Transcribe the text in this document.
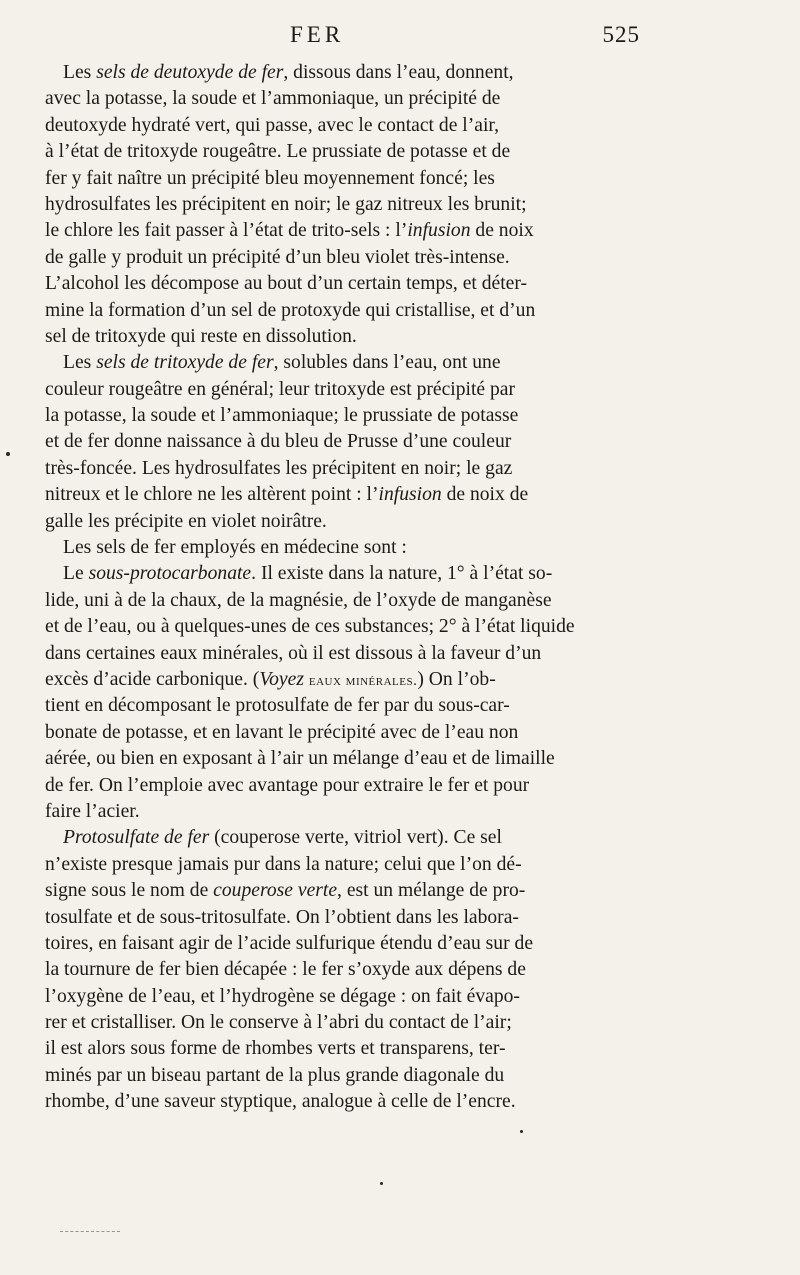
FER	525
Les sels de deutoxyde de fer, dissous dans l’eau, donnent,
avec la potasse, la soude et l’ammoniaque, un précipité de
deutoxyde hydraté vert, qui passe, avec le contact de l’air,
à l’état de tritoxyde rougeâtre. Le prussiate de potasse et de
fer y fait naître un précipité bleu moyennement foncé; les
hydrosulfates les précipitent en noir; le gaz nitreux les brunit;
le chlore les fait passer à l’état de trito-sels : l’infusion de noix
de galle y produit un précipité d’un bleu violet très-intense.
L’alcohol les décompose au bout d’un certain temps, et déter-
mine la formation d’un sel de protoxyde qui cristallise, et d’un
sel de tritoxyde qui reste en dissolution.
Les sels de tritoxyde de fer, solubles dans l’eau, ont une
couleur rougeâtre en général; leur tritoxyde est précipité par
la potasse, la soude et l’ammoniaque; le prussiate de potasse
et de fer donne naissance à du bleu de Prusse d’une couleur
très-foncée. Les hydrosulfates les précipitent en noir; le gaz
nitreux et le chlore ne les altèrent point : l’infusion de noix de
galle les précipite en violet noirâtre.
Les sels de fer employés en médecine sont :
Le sous-protocarbonate. Il existe dans la nature, 1° à l’état so-
lide, uni à de la chaux, de la magnésie, de l’oxyde de manganèse
et de l’eau, ou à quelques-unes de ces substances; 2° à l’état liquide
dans certaines eaux minérales, où il est dissous à la faveur d’un
excès d’acide carbonique. (Voyez eaux minérales.) On l’ob-
tient en décomposant le protosulfate de fer par du sous-car-
bonate de potasse, et en lavant le précipité avec de l’eau non
aérée, ou bien en exposant à l’air un mélange d’eau et de limaille
de fer. On l’emploie avec avantage pour extraire le fer et pour
faire l’acier.
Protosulfate de fer (couperose verte, vitriol vert). Ce sel
n’existe presque jamais pur dans la nature; celui que l’on dé-
signe sous le nom de couperose verte, est un mélange de pro-
tosulfate et de sous-tritosulfate. On l’obtient dans les labora-
toires, en faisant agir de l’acide sulfurique étendu d’eau sur de
la tournure de fer bien décapée : le fer s’oxyde aux dépens de
l’oxygène de l’eau, et l’hydrogène se dégage : on fait évapo-
rer et cristalliser. On le conserve à l’abri du contact de l’air;
il est alors sous forme de rhombes verts et transparens, ter-
minés par un biseau partant de la plus grande diagonale du
rhombe, d’une saveur styptique, analogue à celle de l’encre.
